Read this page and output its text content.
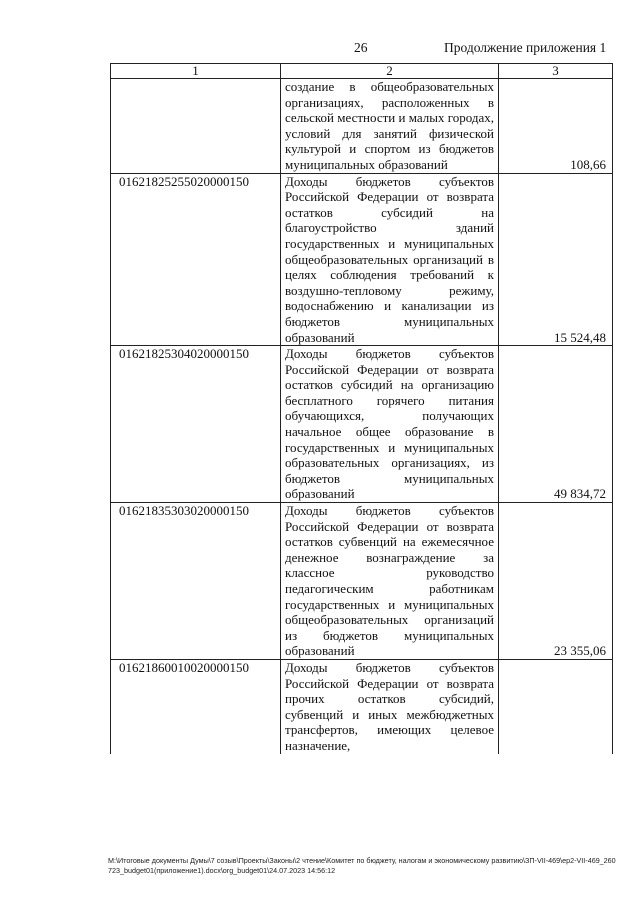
26	Продолжение приложения 1
1	2	3
	создание в общеобразовательных организациях, расположенных в сельской местности и малых городах, условий для занятий физической культурой и спортом из бюджетов муниципальных образований	108,66
01621825255020000150	Доходы бюджетов субъектов Российской Федерации от возврата остатков субсидий на благоустройство зданий государственных и муниципальных общеобразовательных организаций в целях соблюдения требований к воздушно-тепловому режиму, водоснабжению и канализации из бюджетов муниципальных образований	15 524,48
01621825304020000150	Доходы бюджетов субъектов Российской Федерации от возврата остатков субсидий на организацию бесплатного горячего питания обучающихся, получающих начальное общее образование в государственных и муниципальных образовательных организациях, из бюджетов муниципальных образований	49 834,72
01621835303020000150	Доходы бюджетов субъектов Российской Федерации от возврата остатков субвенций на ежемесячное денежное вознаграждение за классное руководство педагогическим работникам государственных и муниципальных общеобразовательных организаций из бюджетов муниципальных образований	23 355,06
01621860010020000150	Доходы бюджетов субъектов Российской Федерации от возврата прочих остатков субсидий, субвенций и иных межбюджетных трансфертов, имеющих целевое назначение,	
M:\Итоговые документы Думы\7 созыв\Проекты\Законы\2 чтение\Комитет по бюджету, налогам и экономическому развитию\ЗП-VII-469\ep2-VII-469_260723_budget01(приложение1).docx\org_budget01\24.07.2023 14:56:12
